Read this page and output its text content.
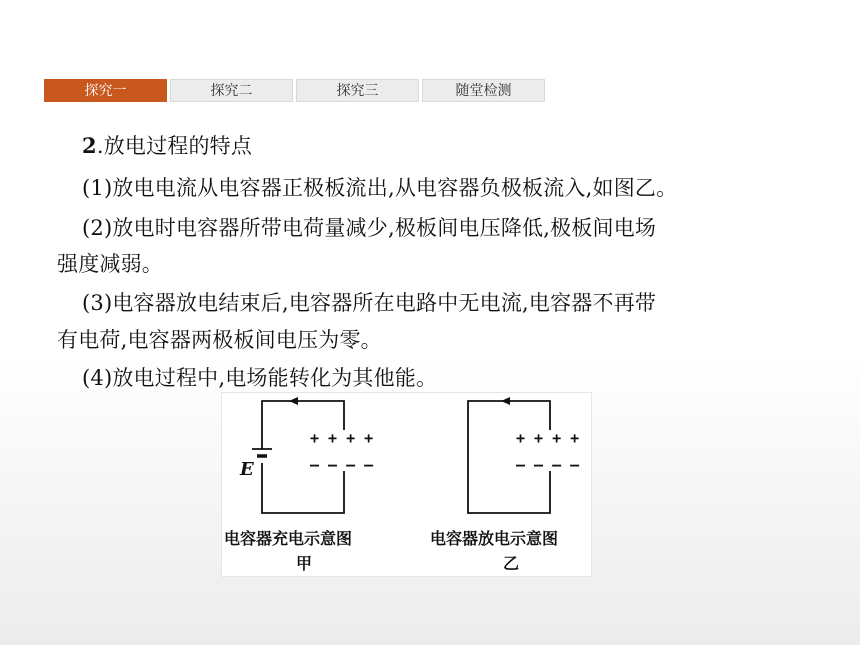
探究一	探究二	探究三	随堂检测
2.放电过程的特点
(1)放电电流从电容器正极板流出,从电容器负极板流入,如图乙。
(2)放电时电容器所带电荷量减少,极板间电压降低,极板间电场
强度减弱。
(3)电容器放电结束后,电容器所在电路中无电流,电容器不再带
有电荷,电容器两极板间电压为零。
(4)放电过程中,电场能转化为其他能。
+ + + +
– – – –
E
电容器充电示意图
甲
+ + + +
– – – –
电容器放电示意图
乙
